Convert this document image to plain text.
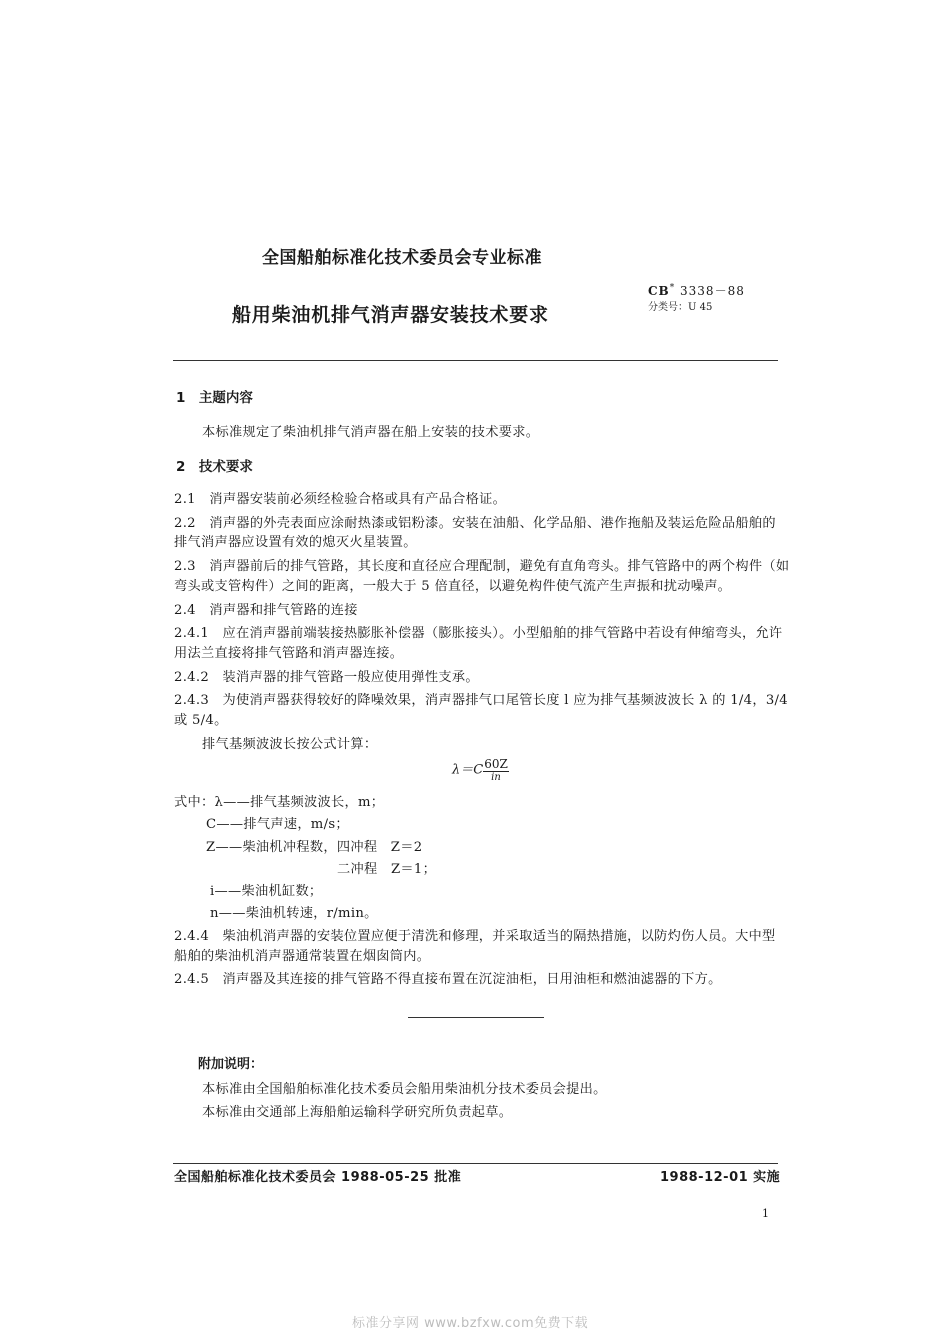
全国船舶标准化技术委员会专业标准
船用柴油机排气消声器安装技术要求
CB* 3338－88
分类号：U 45
1　主题内容
本标准规定了柴油机排气消声器在船上安装的技术要求。
2　技术要求
2.1　消声器安装前必须经检验合格或具有产品合格证。
2.2　消声器的外壳表面应涂耐热漆或铝粉漆。安装在油船、化学品船、港作拖船及装运危险品船舶的
排气消声器应设置有效的熄灭火星装置。
2.3　消声器前后的排气管路，其长度和直径应合理配制，避免有直角弯头。排气管路中的两个构件（如
弯头或支管构件）之间的距离，一般大于 5 倍直径，以避免构件使气流产生声振和扰动噪声。
2.4　消声器和排气管路的连接
2.4.1　应在消声器前端装接热膨胀补偿器（膨胀接头）。小型船舶的排气管路中若设有伸缩弯头，允许
用法兰直接将排气管路和消声器连接。
2.4.2　装消声器的排气管路一般应使用弹性支承。
2.4.3　为使消声器获得较好的降噪效果，消声器排气口尾管长度 l 应为排气基频波波长 λ 的 1/4，3/4
或 5/4。
排气基频波波长按公式计算：
$\lambda=C \frac{60Z}{in}$
式中：λ——排气基频波波长，m；
C——排气声速，m/s；
Z——柴油机冲程数，四冲程　Z＝2
二冲程　Z＝1；
i——柴油机缸数；
n——柴油机转速，r/min。
2.4.4　柴油机消声器的安装位置应便于清洗和修理，并采取适当的隔热措施，以防灼伤人员。大中型
船舶的柴油机消声器通常装置在烟囱筒内。
2.4.5　消声器及其连接的排气管路不得直接布置在沉淀油柜，日用油柜和燃油滤器的下方。
附加说明：
本标准由全国船舶标准化技术委员会船用柴油机分技术委员会提出。
本标准由交通部上海船舶运输科学研究所负责起草。
全国船舶标准化技术委员会 1988-05-25 批准	1988-12-01 实施
1
标准分享网 www.bzfxw.com免费下载
